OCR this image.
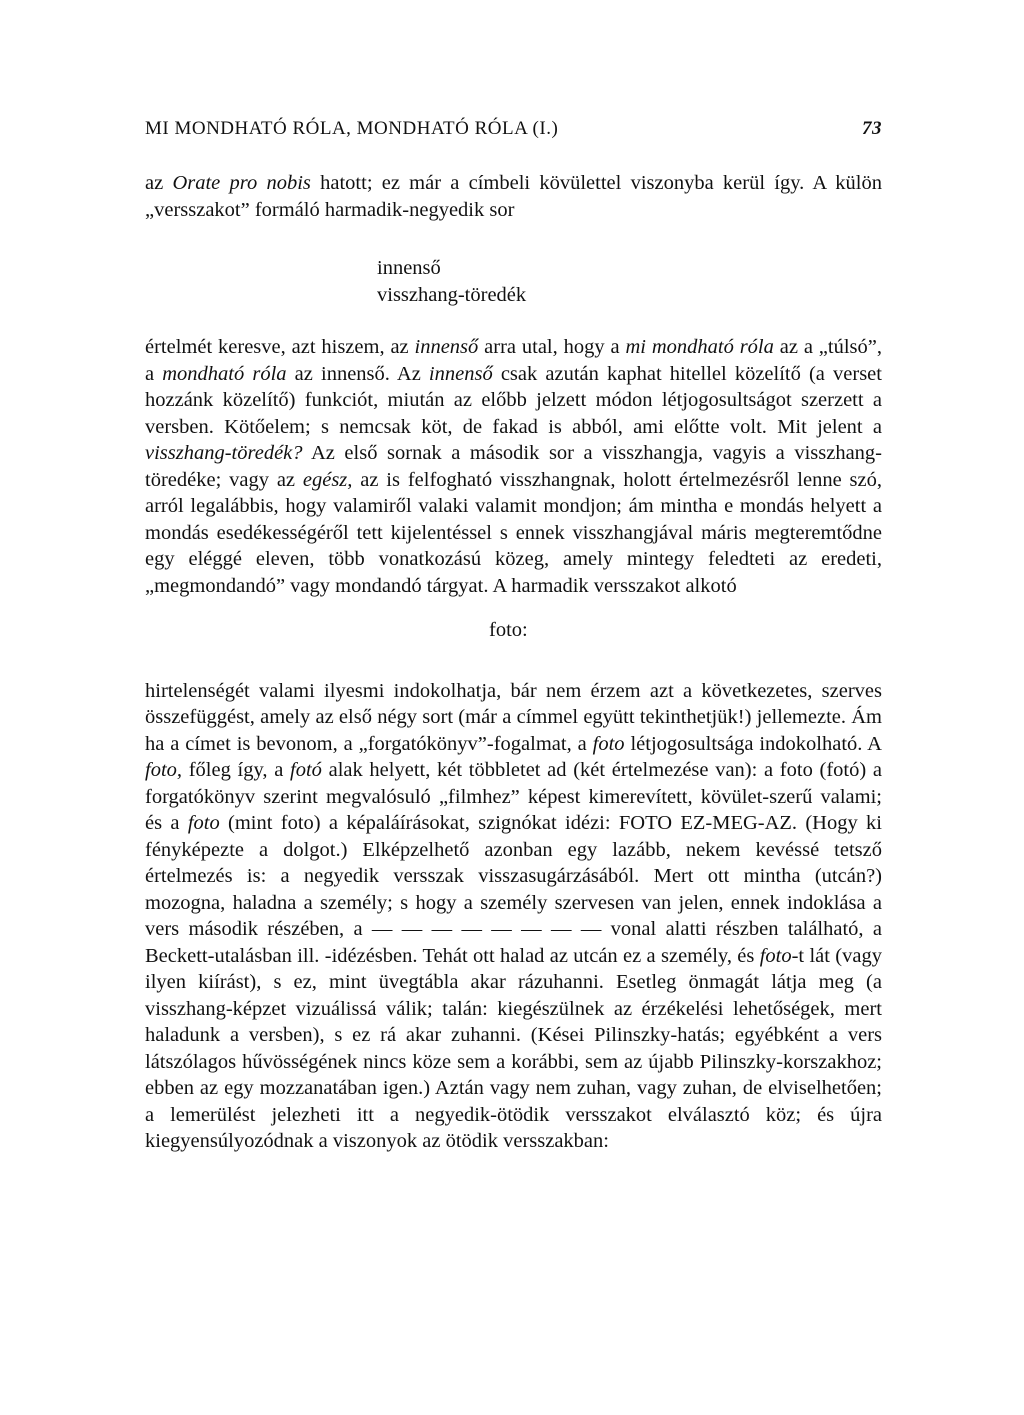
MI MONDHATÓ RÓLA, MONDHATÓ RÓLA (I.)	73

az Orate pro nobis hatott; ez már a címbeli kövülettel viszonyba kerül így. A külön „versszakot” formáló harmadik-negyedik sor

innenső
visszhang-töredék

értelmét keresve, azt hiszem, az innenső arra utal, hogy a mi mondható róla az a „túlsó”, a mondható róla az innenső. Az innenső csak azután kaphat hitellel közelítő (a verset hozzánk közelítő) funkciót, miután az előbb jelzett módon létjogosultságot szerzett a versben. Kötőelem; s nemcsak köt, de fakad is abból, ami előtte volt. Mit jelent a visszhang-töredék? Az első sornak a második sor a visszhangja, vagyis a visszhang-töredéke; vagy az egész, az is felfogható visszhangnak, holott értelmezésről lenne szó, arról legalábbis, hogy valamiről valaki valamit mondjon; ám mintha e mondás helyett a mondás esedékességéről tett kijelentéssel s ennek visszhangjával máris megteremtődne egy eléggé eleven, több vonatkozású közeg, amely mintegy feledteti az eredeti, „megmondandó” vagy mondandó tárgyat. A harmadik versszakot alkotó

foto:

hirtelenségét valami ilyesmi indokolhatja, bár nem érzem azt a következetes, szerves összefüggést, amely az első négy sort (már a címmel együtt tekinthetjük!) jellemezte. Ám ha a címet is bevonom, a „forgatókönyv”-fogalmat, a foto létjogosultsága indokolható. A foto, főleg így, a fotó alak helyett, két többletet ad (két értelmezése van): a foto (fotó) a forgatókönyv szerint megvalósuló „filmhez” képest kimerevített, kövület-szerű valami; és a foto (mint foto) a képaláírásokat, szignókat idézi: FOTO EZ-MEG-AZ. (Hogy ki fényképezte a dolgot.) Elképzelhető azonban egy lazább, nekem kevéssé tetsző értelmezés is: a negyedik versszak visszasugárzásából. Mert ott mintha (utcán?) mozogna, haladna a személy; s hogy a személy szervesen van jelen, ennek indoklása a vers második részében, a — — — — — — — — vonal alatti részben található, a Beckett-utalásban ill. -idézésben. Tehát ott halad az utcán ez a személy, és foto-t lát (vagy ilyen kiírást), s ez, mint üvegtábla akar rázuhanni. Esetleg önmagát látja meg (a visszhang-képzet vizuálissá válik; talán: kiegészülnek az érzékelési lehetőségek, mert haladunk a versben), s ez rá akar zuhanni. (Kései Pilinszky-hatás; egyébként a vers látszólagos hűvösségének nincs köze sem a korábbi, sem az újabb Pilinszky-korszakhoz; ebben az egy mozzanatában igen.) Aztán vagy nem zuhan, vagy zuhan, de elviselhetően; a lemerülést jelezheti itt a negyedik-ötödik versszakot elválasztó köz; és újra kiegyensúlyozódnak a viszonyok az ötödik versszakban:
